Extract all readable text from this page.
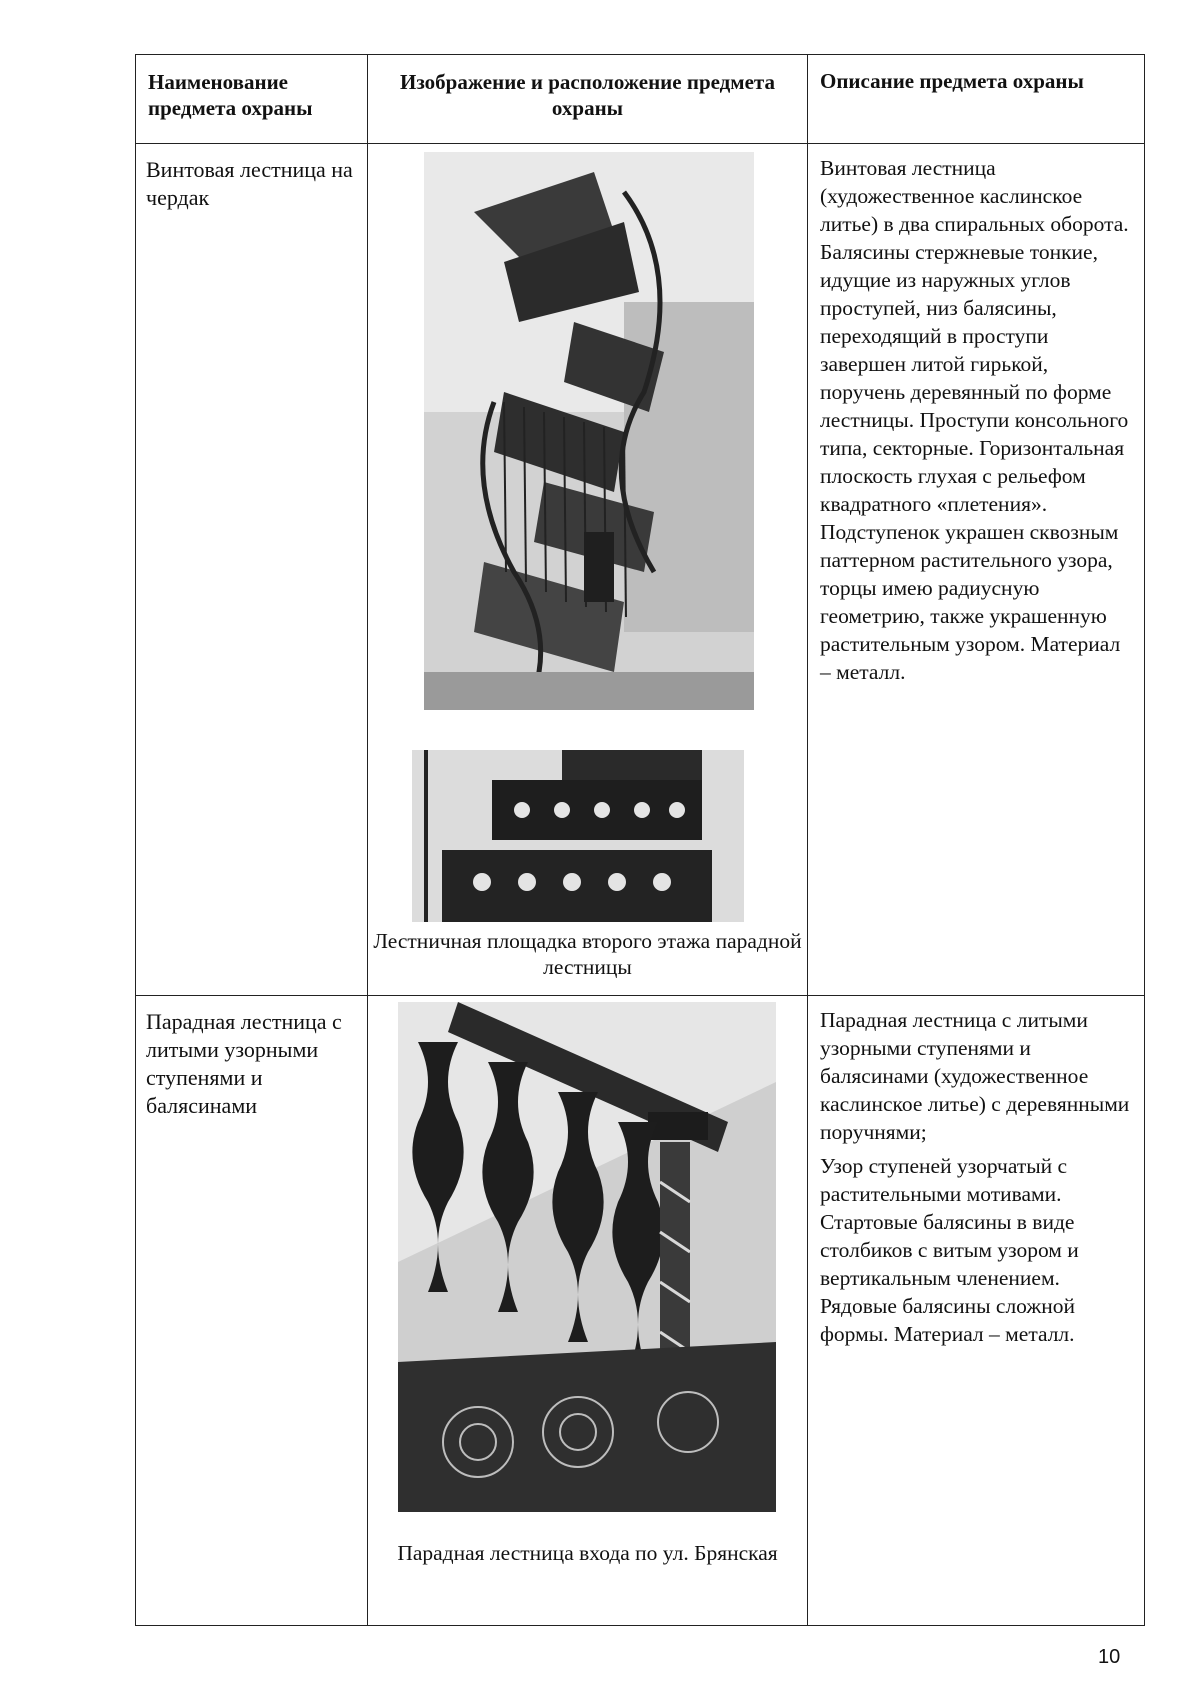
Наименование предмета охраны	Изображение и расположение предмета охраны	Описание предмета охраны
Винтовая лестница на чердак	Лестничная площадка второго этажа парадной лестницы	Винтовая лестница (художественное каслинское литье) в два спиральных оборота. Балясины стержневые тонкие, идущие из наружных углов проступей, низ балясины, переходящий в проступи завершен литой гирькой, поручень деревянный по форме лестницы. Проступи консольного типа, секторные. Горизонтальная плоскость глухая с рельефом квадратного «плетения». Подступенок украшен сквозным паттерном растительного узора, торцы имею радиусную геометрию, также украшенную растительным узором. Материал – металл.

Парадная лестница с литыми узорными ступенями и балясинами	Парадная лестница входа по ул. Брянская	Парадная лестница с литыми узорными ступенями и балясинами (художественное каслинское литье) с деревянными поручнями;

Узор ступеней узорчатый с растительными мотивами. Стартовые балясины в виде столбиков с витым узором и вертикальным членением. Рядовые балясины сложной формы. Материал – металл.

10
